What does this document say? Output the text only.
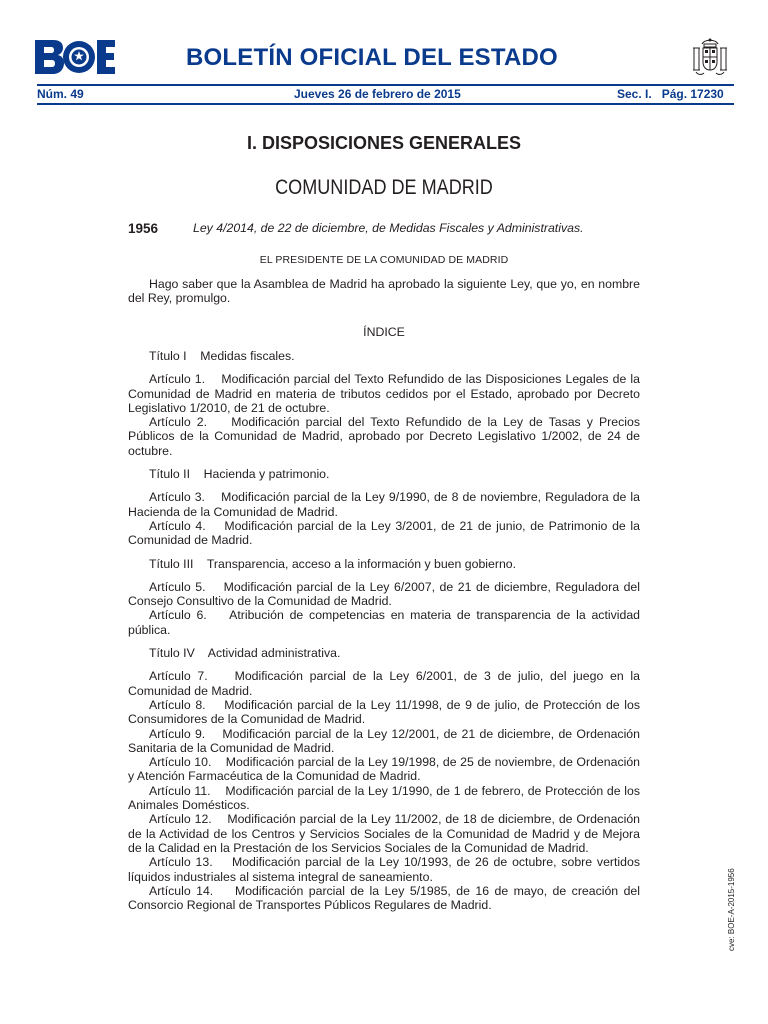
BOLETÍN OFICIAL DEL ESTADO
Núm. 49	Jueves 26 de febrero de 2015	Sec. I.   Pág. 17230
I. DISPOSICIONES GENERALES
COMUNIDAD DE MADRID
1956	Ley 4/2014, de 22 de diciembre, de Medidas Fiscales y Administrativas.
EL PRESIDENTE DE LA COMUNIDAD DE MADRID

Hago saber que la Asamblea de Madrid ha aprobado la siguiente Ley, que yo, en nombre del Rey, promulgo.

ÍNDICE

Título I    Medidas fiscales.

Artículo 1.    Modificación parcial del Texto Refundido de las Disposiciones Legales de la Comunidad de Madrid en materia de tributos cedidos por el Estado, aprobado por Decreto Legislativo 1/2010, de 21 de octubre.

Artículo 2.    Modificación parcial del Texto Refundido de la Ley de Tasas y Precios Públicos de la Comunidad de Madrid, aprobado por Decreto Legislativo 1/2002, de 24 de octubre.

Título II    Hacienda y patrimonio.

Artículo 3.    Modificación parcial de la Ley 9/1990, de 8 de noviembre, Reguladora de la Hacienda de la Comunidad de Madrid.

Artículo 4.    Modificación parcial de la Ley 3/2001, de 21 de junio, de Patrimonio de la Comunidad de Madrid.

Título III    Transparencia, acceso a la información y buen gobierno.

Artículo 5.    Modificación parcial de la Ley 6/2007, de 21 de diciembre, Reguladora del Consejo Consultivo de la Comunidad de Madrid.

Artículo 6.    Atribución de competencias en materia de transparencia de la actividad pública.

Título IV    Actividad administrativa.

Artículo 7.    Modificación parcial de la Ley 6/2001, de 3 de julio, del juego en la Comunidad de Madrid.

Artículo 8.    Modificación parcial de la Ley 11/1998, de 9 de julio, de Protección de los Consumidores de la Comunidad de Madrid.

Artículo 9.    Modificación parcial de la Ley 12/2001, de 21 de diciembre, de Ordenación Sanitaria de la Comunidad de Madrid.

Artículo 10.    Modificación parcial de la Ley 19/1998, de 25 de noviembre, de Ordenación y Atención Farmacéutica de la Comunidad de Madrid.

Artículo 11.    Modificación parcial de la Ley 1/1990, de 1 de febrero, de Protección de los Animales Domésticos.

Artículo 12.    Modificación parcial de la Ley 11/2002, de 18 de diciembre, de Ordenación de la Actividad de los Centros y Servicios Sociales de la Comunidad de Madrid y de Mejora de la Calidad en la Prestación de los Servicios Sociales de la Comunidad de Madrid.

Artículo 13.    Modificación parcial de la Ley 10/1993, de 26 de octubre, sobre vertidos líquidos industriales al sistema integral de saneamiento.

Artículo 14.    Modificación parcial de la Ley 5/1985, de 16 de mayo, de creación del Consorcio Regional de Transportes Públicos Regulares de Madrid.	cve: BOE-A-2015-1956
